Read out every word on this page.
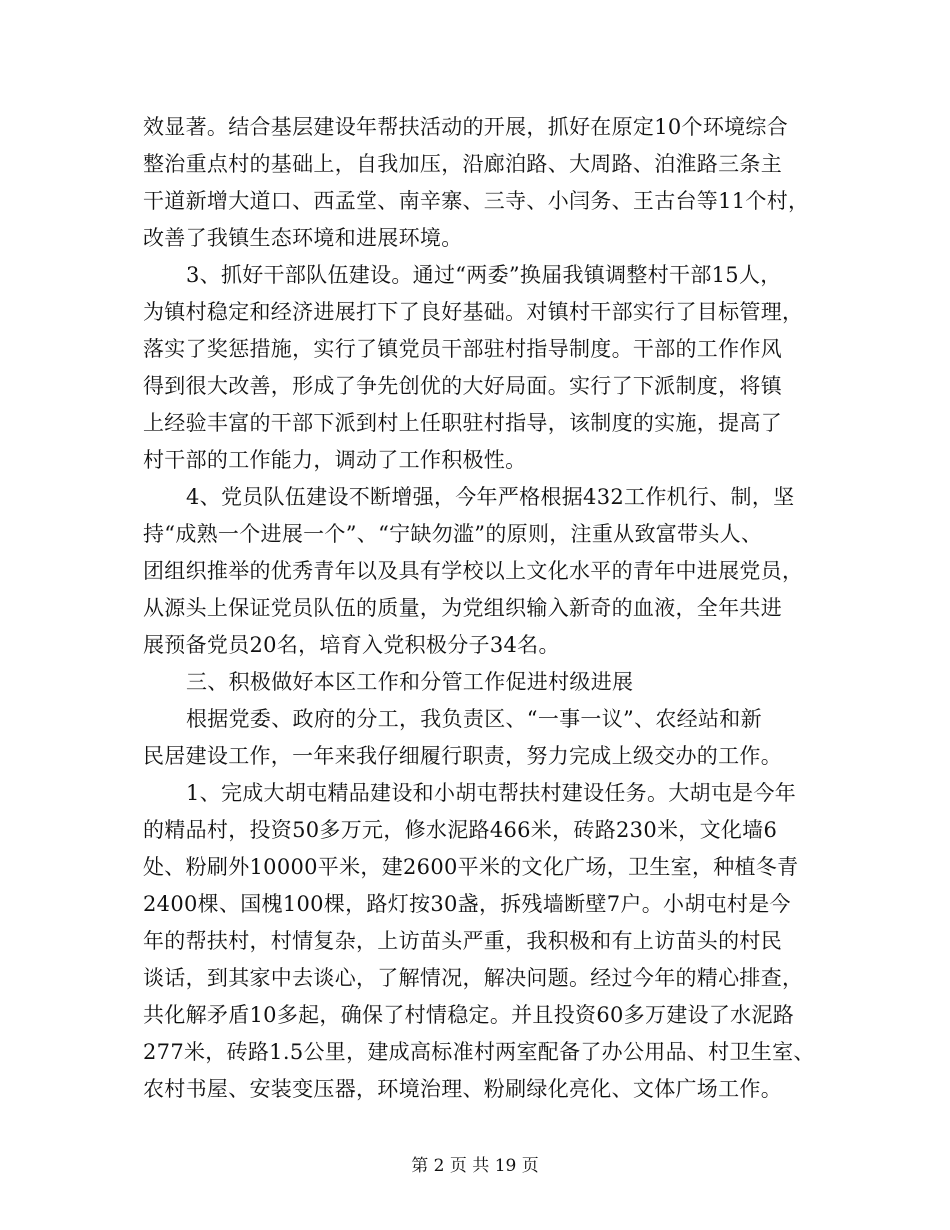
效显著。结合基层建设年帮扶活动的开展，抓好在原定10个环境综合
整治重点村的基础上，自我加压，沿廊泊路、大周路、泊淮路三条主
干道新增大道口、西孟堂、南辛寨、三寺、小闫务、王古台等11个村，
改善了我镇生态环境和进展环境。
3、抓好干部队伍建设。通过“两委”换届我镇调整村干部15人，
为镇村稳定和经济进展打下了良好基础。对镇村干部实行了目标管理，
落实了奖惩措施，实行了镇党员干部驻村指导制度。干部的工作作风
得到很大改善，形成了争先创优的大好局面。实行了下派制度，将镇
上经验丰富的干部下派到村上任职驻村指导，该制度的实施，提高了
村干部的工作能力，调动了工作积极性。
4、党员队伍建设不断增强，今年严格根据432工作机行、制，坚
持“成熟一个进展一个”、“宁缺勿滥”的原则，注重从致富带头人、
团组织推举的优秀青年以及具有学校以上文化水平的青年中进展党员，
从源头上保证党员队伍的质量，为党组织输入新奇的血液，全年共进
展预备党员20名，培育入党积极分子34名。
三、积极做好本区工作和分管工作促进村级进展
根据党委、政府的分工，我负责区、“一事一议”、农经站和新
民居建设工作，一年来我仔细履行职责，努力完成上级交办的工作。
1、完成大胡屯精品建设和小胡屯帮扶村建设任务。大胡屯是今年
的精品村，投资50多万元，修水泥路466米，砖路230米，文化墙6
处、粉刷外10000平米，建2600平米的文化广场，卫生室，种植冬青
2400棵、国槐100棵，路灯按30盏，拆残墙断壁7户。小胡屯村是今
年的帮扶村，村情复杂，上访苗头严重，我积极和有上访苗头的村民
谈话，到其家中去谈心，了解情况，解决问题。经过今年的精心排查，
共化解矛盾10多起，确保了村情稳定。并且投资60多万建设了水泥路
277米，砖路1.5公里，建成高标准村两室配备了办公用品、村卫生室、
农村书屋、安装变压器，环境治理、粉刷绿化亮化、文体广场工作。
第 2 页 共 19 页
